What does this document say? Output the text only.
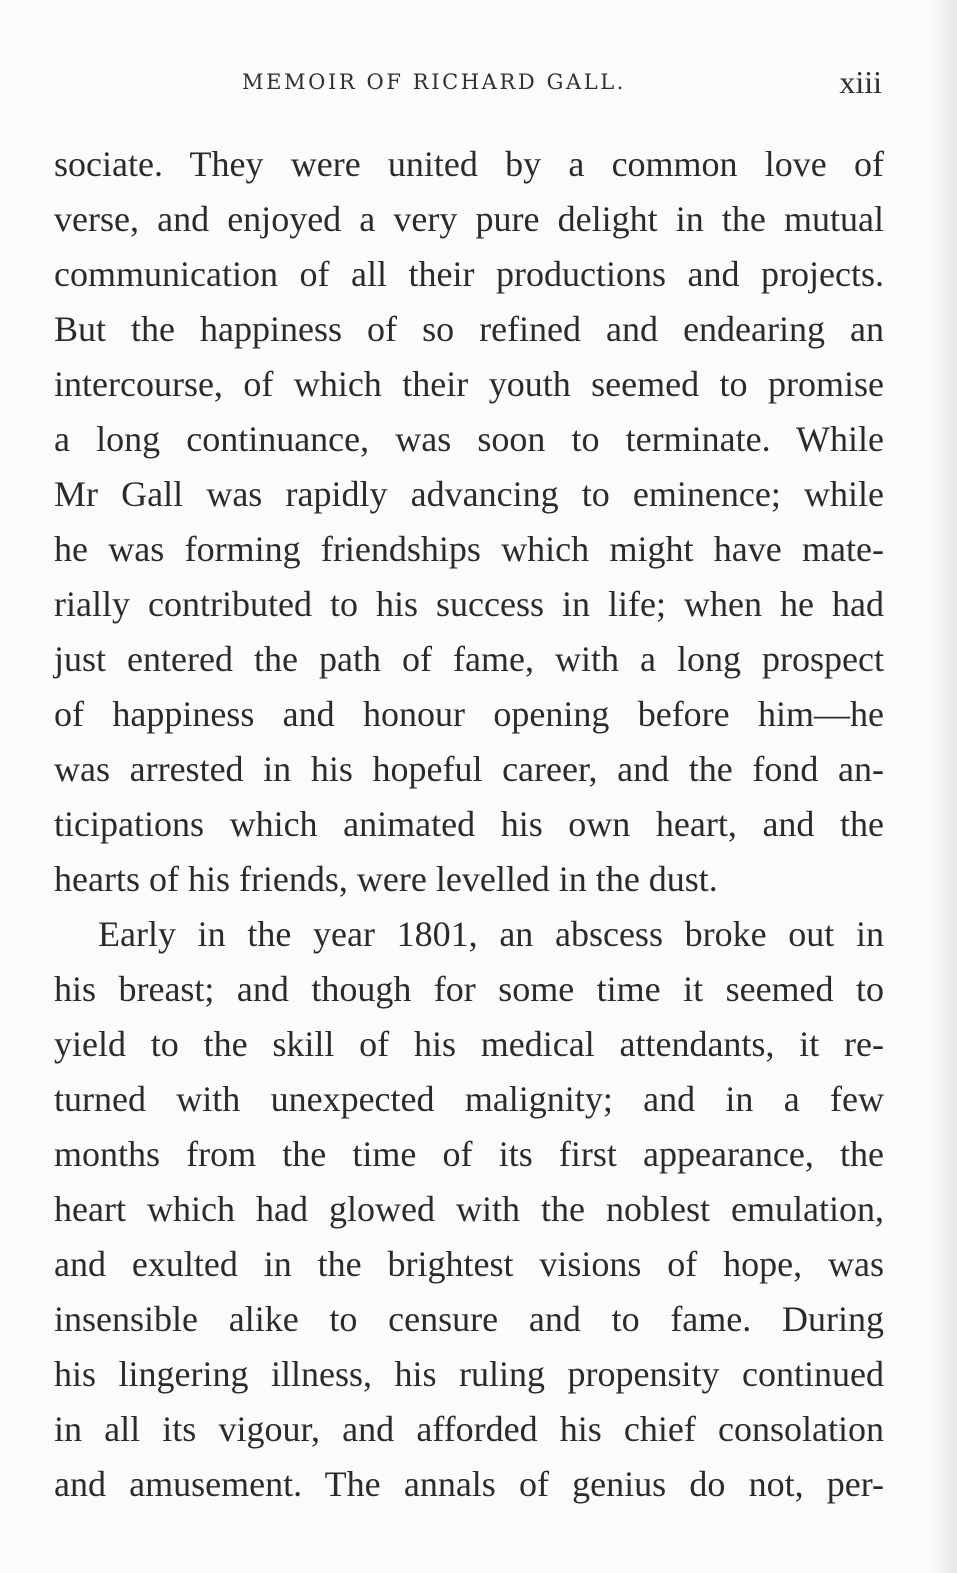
MEMOIR OF RICHARD GALL.	xiii
sociate. They were united by a common love of
verse, and enjoyed a very pure delight in the mutual
communication of all their productions and projects.
But the happiness of so refined and endearing an
intercourse, of which their youth seemed to promise
a long continuance, was soon to terminate. While
Mr Gall was rapidly advancing to eminence; while
he was forming friendships which might have mate-
rially contributed to his success in life; when he had
just entered the path of fame, with a long prospect
of happiness and honour opening before him—he
was arrested in his hopeful career, and the fond an-
ticipations which animated his own heart, and the
hearts of his friends, were levelled in the dust.
Early in the year 1801, an abscess broke out in
his breast; and though for some time it seemed to
yield to the skill of his medical attendants, it re-
turned with unexpected malignity; and in a few
months from the time of its first appearance, the
heart which had glowed with the noblest emulation,
and exulted in the brightest visions of hope, was
insensible alike to censure and to fame. During
his lingering illness, his ruling propensity continued
in all its vigour, and afforded his chief consolation
and amusement. The annals of genius do not, per-
